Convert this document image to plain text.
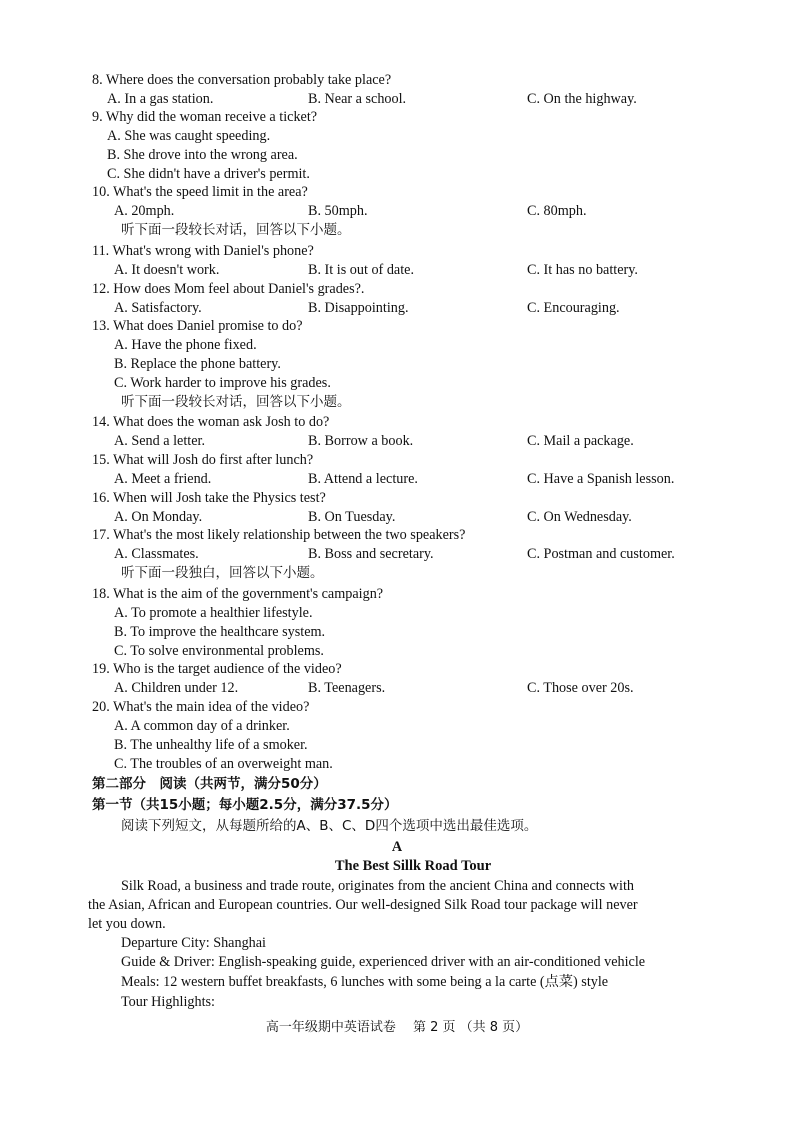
8. Where does the conversation probably take place?
A. In a gas station.	B. Near a school.	C. On the highway.
9. Why did the woman receive a ticket?
A. She was caught speeding.
B. She drove into the wrong area.
C. She didn't have a driver's permit.
10. What's the speed limit in the area?
A. 20mph.	B. 50mph.	C. 80mph.
听下面一段较长对话，回答以下小题。
11. What's wrong with Daniel's phone?
A. It doesn't work.	B. It is out of date.	C. It has no battery.
12. How does Mom feel about Daniel's grades?.
A. Satisfactory.	B. Disappointing.	C. Encouraging.
13. What does Daniel promise to do?
A. Have the phone fixed.
B. Replace the phone battery.
C. Work harder to improve his grades.
听下面一段较长对话，回答以下小题。
14. What does the woman ask Josh to do?
A. Send a letter.	B. Borrow a book.	C. Mail a package.
15. What will Josh do first after lunch?
A. Meet a friend.	B. Attend a lecture.	C. Have a Spanish lesson.
16. When will Josh take the Physics test?
A. On Monday.	B. On Tuesday.	C. On Wednesday.
17. What's the most likely relationship between the two speakers?
A. Classmates.	B. Boss and secretary.	C. Postman and customer.
听下面一段独白，回答以下小题。
18. What is the aim of the government's campaign?
A. To promote a healthier lifestyle.
B. To improve the healthcare system.
C. To solve environmental problems.
19. Who is the target audience of the video?
A. Children under 12.	B. Teenagers.	C. Those over 20s.
20. What's the main idea of the video?
A. A common day of a drinker.
B. The unhealthy life of a smoker.
C. The troubles of an overweight man.
第二部分　阅读（共两节，满分50分）
第一节（共15小题；每小题2.5分，满分37.5分）
阅读下列短文，从每题所给的A、B、C、D四个选项中选出最佳选项。
A
The Best Sillk Road Tour
Silk Road, a business and trade route, originates from the ancient China and connects with
the Asian, African and European countries. Our well-designed Silk Road tour package will never
let you down.
Departure City: Shanghai
Guide & Driver: English-speaking guide, experienced driver with an air-conditioned vehicle
Meals: 12 western buffet breakfasts, 6 lunches with some being a la carte (点菜) style
Tour Highlights:
高一年级期中英语试卷　 第 2 页 （共 8 页）
